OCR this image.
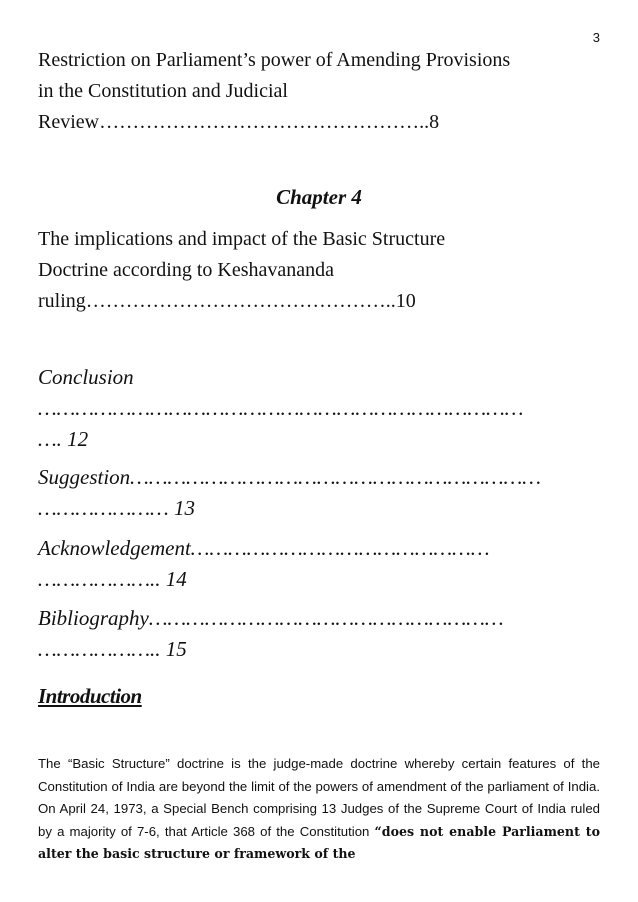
3
Restriction on Parliament’s power of Amending Provisions
in the Constitution and Judicial
Review…………………………………………..8
Chapter 4
The implications and impact of the Basic Structure
Doctrine according to Keshavananda
ruling………………………………………..10
Conclusion
……………………………………………………………………
…. 12
Suggestion…………………………………………………………
………………… 13
Acknowledgement…………………………………………
……………….. 14
Bibliography…………………………………………………
……………….. 15
Introduction
The “Basic Structure” doctrine is the judge-made doctrine whereby certain features of the Constitution of India are beyond the limit of the powers of amendment of the parliament of India. On April 24, 1973, a Special Bench comprising 13 Judges of the Supreme Court of India ruled by a majority of 7-6, that Article 368 of the Constitution “does not enable Parliament to alter the basic structure or framework of the
